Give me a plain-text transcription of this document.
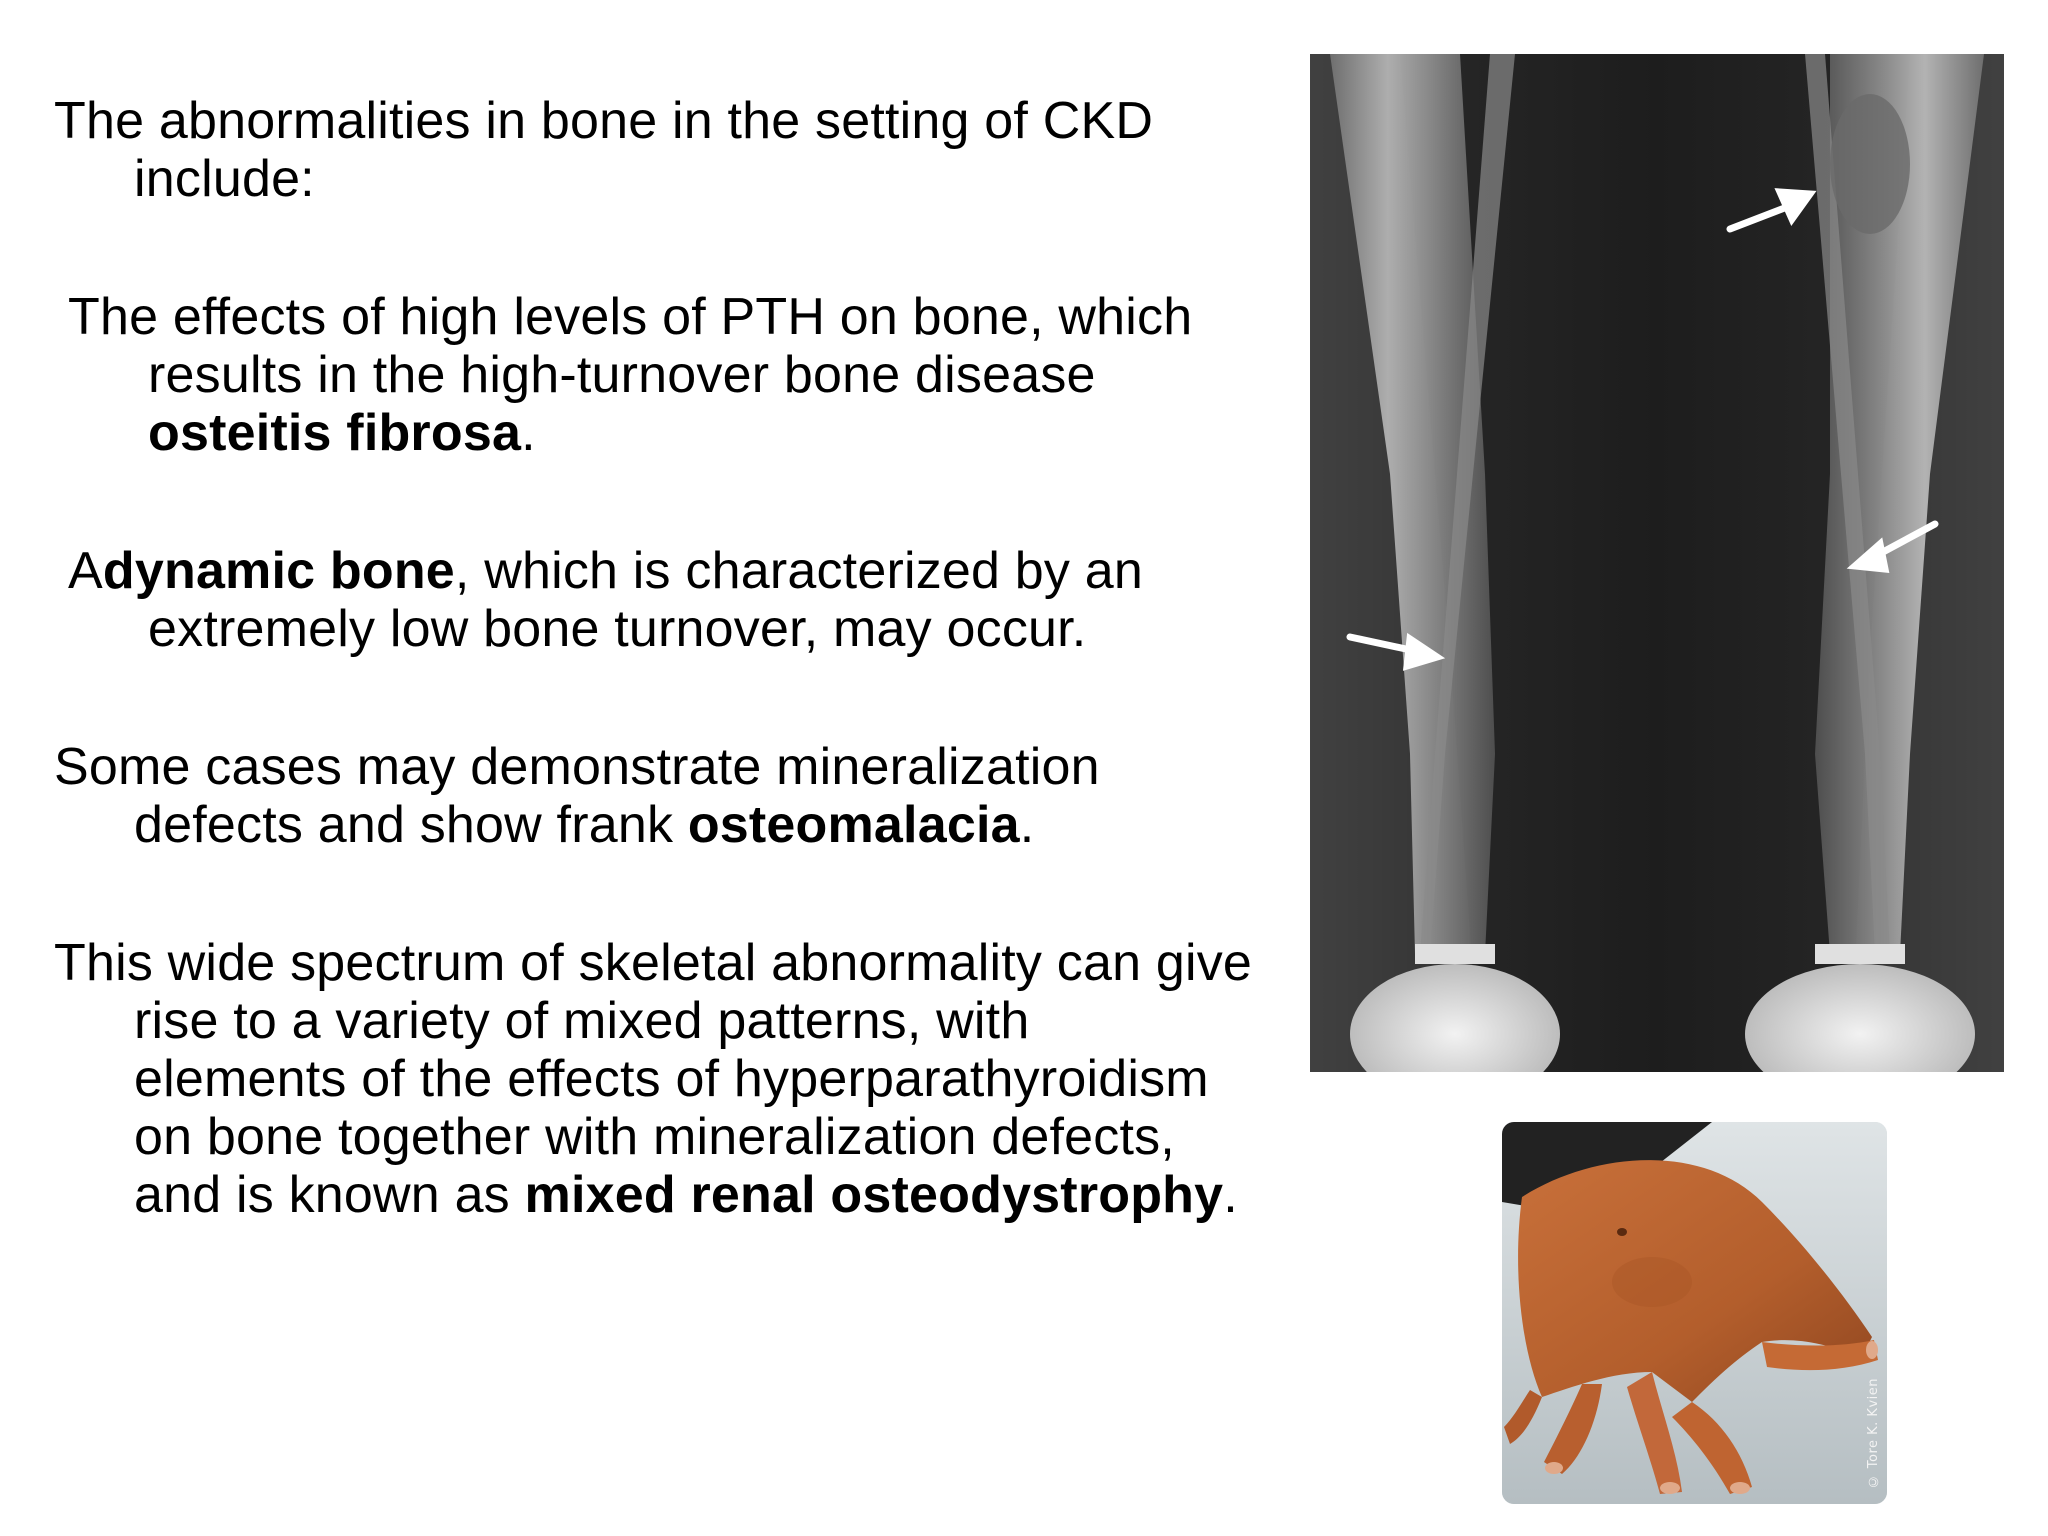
The abnormalities in bone in the setting of CKD include:

The effects of high levels of PTH on bone, which results in the high-turnover bone disease osteitis fibrosa.

Adynamic bone, which is characterized by an extremely low bone turnover, may occur.

Some cases may demonstrate mineralization defects and show frank osteomalacia.

This wide spectrum of skeletal abnormality can give rise to a variety of mixed patterns, with elements of the effects of hyperparathyroidism on bone together with mineralization defects, and is known as mixed renal osteodystrophy.

© Tore K. Kvien
